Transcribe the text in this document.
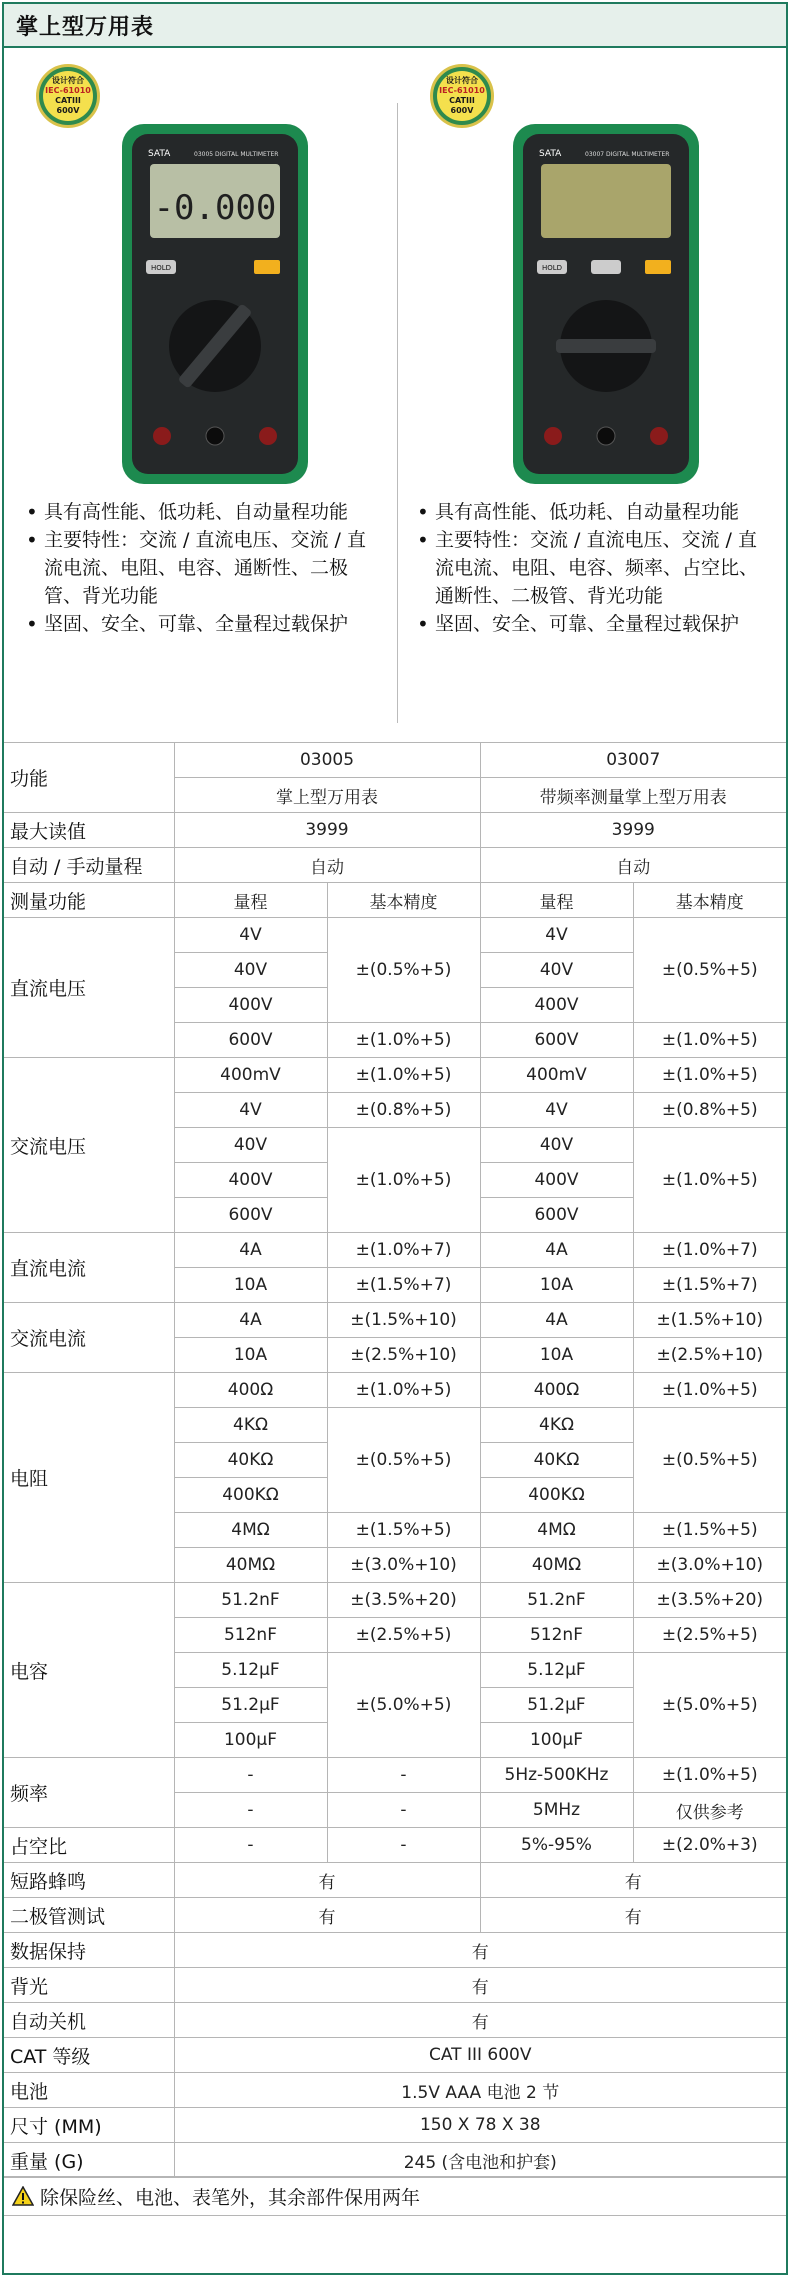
掌上型万用表
设计符合
IEC-61010
CATIII
600V
SATA	03005 DIGITAL MULTIMETER
-0.000
HOLD
• 具有高性能、低功耗、自动量程功能
• 主要特性：交流 / 直流电压、交流 / 直流电流、电阻、电容、通断性、二极管、背光功能
• 坚固、安全、可靠、全量程过载保护
设计符合
IEC-61010
CATIII
600V
SATA	03007 DIGITAL MULTIMETER
HOLD
• 具有高性能、低功耗、自动量程功能
• 主要特性：交流 / 直流电压、交流 / 直流电流、电阻、电容、频率、占空比、通断性、二极管、背光功能
• 坚固、安全、可靠、全量程过载保护
功能	03005		03007	
	掌上型万用表		带频率测量掌上型万用表	
最大读值	3999		3999	
自动 / 手动量程	自动		自动	
测量功能	量程	基本精度	量程	基本精度
直流电压	4V	±(0.5%+5)	4V	±(0.5%+5)
	40V		40V	
	400V		400V	
	600V	±(1.0%+5)	600V	±(1.0%+5)
交流电压	400mV	±(1.0%+5)	400mV	±(1.0%+5)
	4V	±(0.8%+5)	4V	±(0.8%+5)
	40V	±(1.0%+5)	40V	±(1.0%+5)
	400V		400V	
	600V		600V	
直流电流	4A	±(1.0%+7)	4A	±(1.0%+7)
	10A	±(1.5%+7)	10A	±(1.5%+7)
交流电流	4A	±(1.5%+10)	4A	±(1.5%+10)
	10A	±(2.5%+10)	10A	±(2.5%+10)
电阻	400Ω	±(1.0%+5)	400Ω	±(1.0%+5)
	4KΩ	±(0.5%+5)	4KΩ	±(0.5%+5)
	40KΩ		40KΩ	
	400KΩ		400KΩ	
	4MΩ	±(1.5%+5)	4MΩ	±(1.5%+5)
	40MΩ	±(3.0%+10)	40MΩ	±(3.0%+10)
电容	51.2nF	±(3.5%+20)	51.2nF	±(3.5%+20)
	512nF	±(2.5%+5)	512nF	±(2.5%+5)
	5.12μF	±(5.0%+5)	5.12μF	±(5.0%+5)
	51.2μF		51.2μF	
	100μF		100μF	
频率	-	-	5Hz-500KHz	±(1.0%+5)
	-	-	5MHz	仅供参考
占空比	-	-	5%-95%	±(2.0%+3)
短路蜂鸣	有		有	
二极管测试	有		有	
数据保持	有			
背光	有			
自动关机	有			
CAT 等级	CAT III 600V			
电池	1.5V AAA 电池 2 节			
尺寸 (MM)	150 X 78 X 38			
重量 (G)	245 (含电池和护套)			
除保险丝、电池、表笔外，其余部件保用两年
